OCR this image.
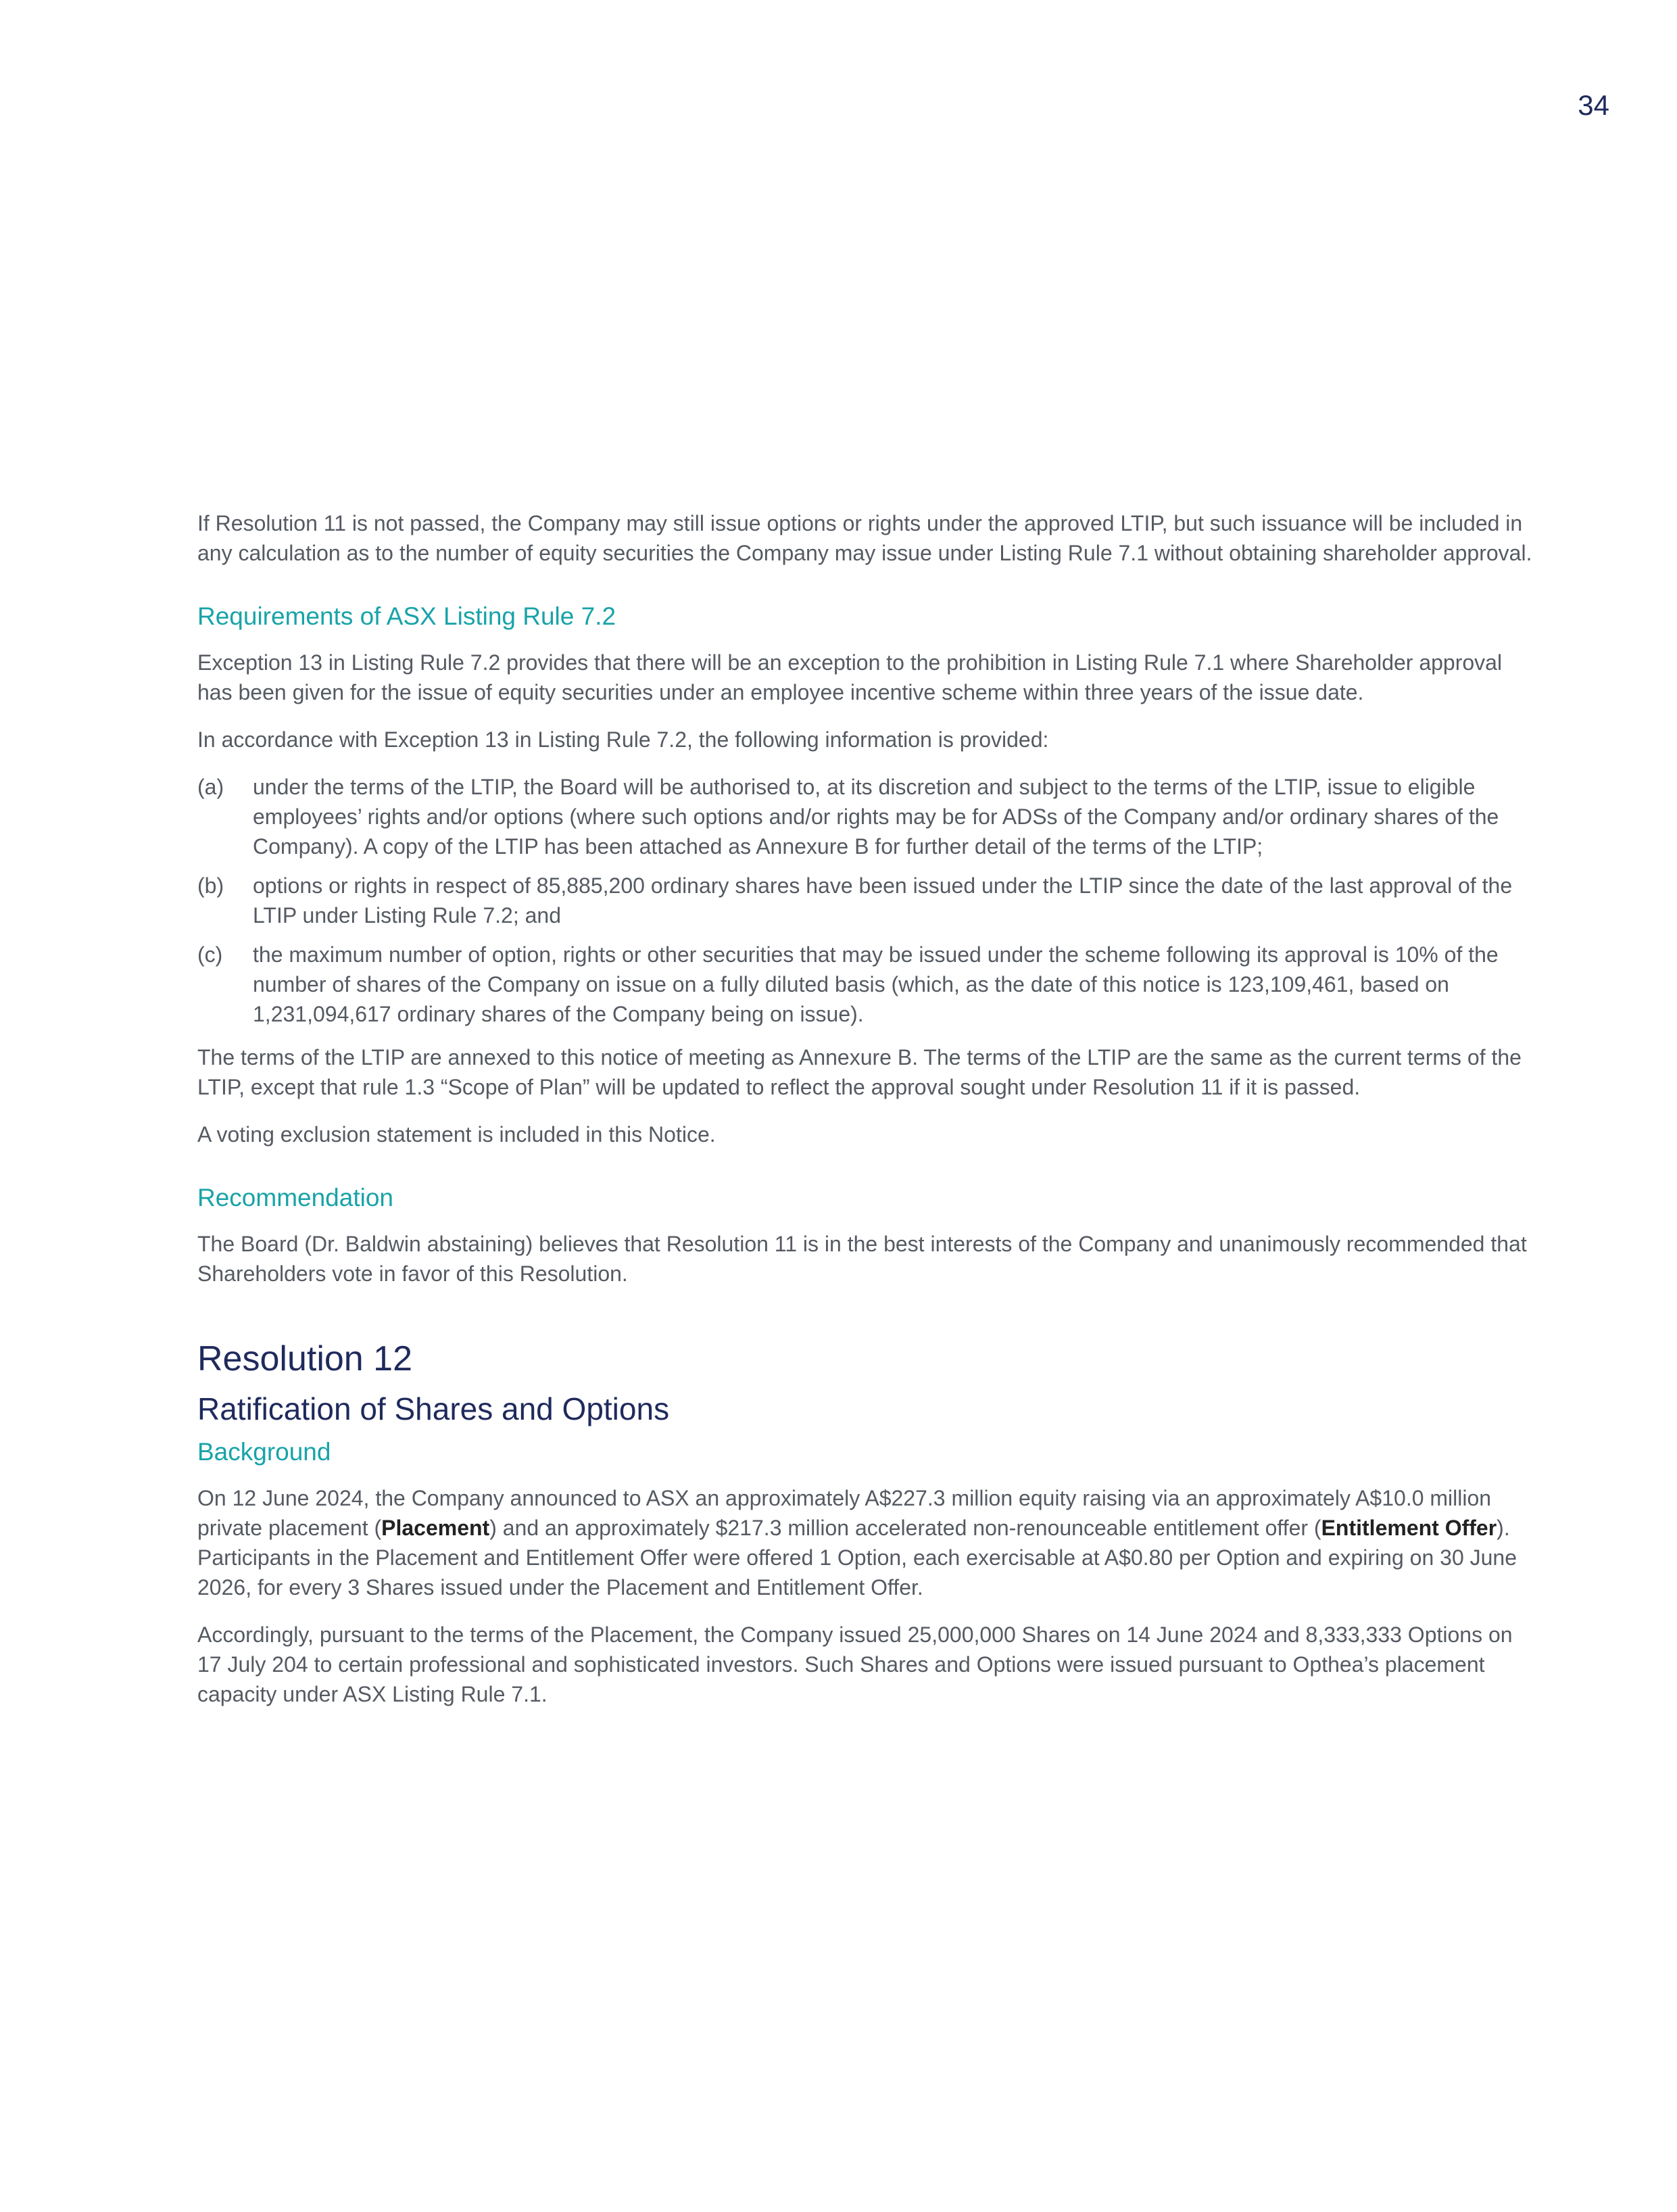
34

If Resolution 11 is not passed, the Company may still issue options or rights under the approved LTIP, but such issuance will be included in any calculation as to the number of equity securities the Company may issue under Listing Rule 7.1 without obtaining shareholder approval.

Requirements of ASX Listing Rule 7.2

Exception 13 in Listing Rule 7.2 provides that there will be an exception to the prohibition in Listing Rule 7.1 where Shareholder approval has been given for the issue of equity securities under an employee incentive scheme within three years of the issue date.

In accordance with Exception 13 in Listing Rule 7.2, the following information is provided:

(a)	under the terms of the LTIP, the Board will be authorised to, at its discretion and subject to the terms of the LTIP, issue to eligible employees’ rights and/or options (where such options and/or rights may be for ADSs of the Company and/or ordinary shares of the Company). A copy of the LTIP has been attached as Annexure B for further detail of the terms of the LTIP;
(b)	options or rights in respect of 85,885,200 ordinary shares have been issued under the LTIP since the date of the last approval of the LTIP under Listing Rule 7.2; and
(c)	the maximum number of option, rights or other securities that may be issued under the scheme following its approval is 10% of the number of shares of the Company on issue on a fully diluted basis (which, as the date of this notice is 123,109,461, based on 1,231,094,617 ordinary shares of the Company being on issue).

The terms of the LTIP are annexed to this notice of meeting as Annexure B. The terms of the LTIP are the same as the current terms of the LTIP, except that rule 1.3 “Scope of Plan” will be updated to reflect the approval sought under Resolution 11 if it is passed.

A voting exclusion statement is included in this Notice.

Recommendation

The Board (Dr. Baldwin abstaining) believes that Resolution 11 is in the best interests of the Company and unanimously recommended that Shareholders vote in favor of this Resolution.

Resolution 12
Ratification of Shares and Options
Background

On 12 June 2024, the Company announced to ASX an approximately A$227.3 million equity raising via an approximately A$10.0 million private placement (Placement) and an approximately $217.3 million accelerated non-renounceable entitlement offer (Entitlement Offer). Participants in the Placement and Entitlement Offer were offered 1 Option, each exercisable at A$0.80 per Option and expiring on 30 June 2026, for every 3 Shares issued under the Placement and Entitlement Offer.

Accordingly, pursuant to the terms of the Placement, the Company issued 25,000,000 Shares on 14 June 2024 and 8,333,333 Options on 17 July 204 to certain professional and sophisticated investors. Such Shares and Options were issued pursuant to Opthea’s placement capacity under ASX Listing Rule 7.1.
